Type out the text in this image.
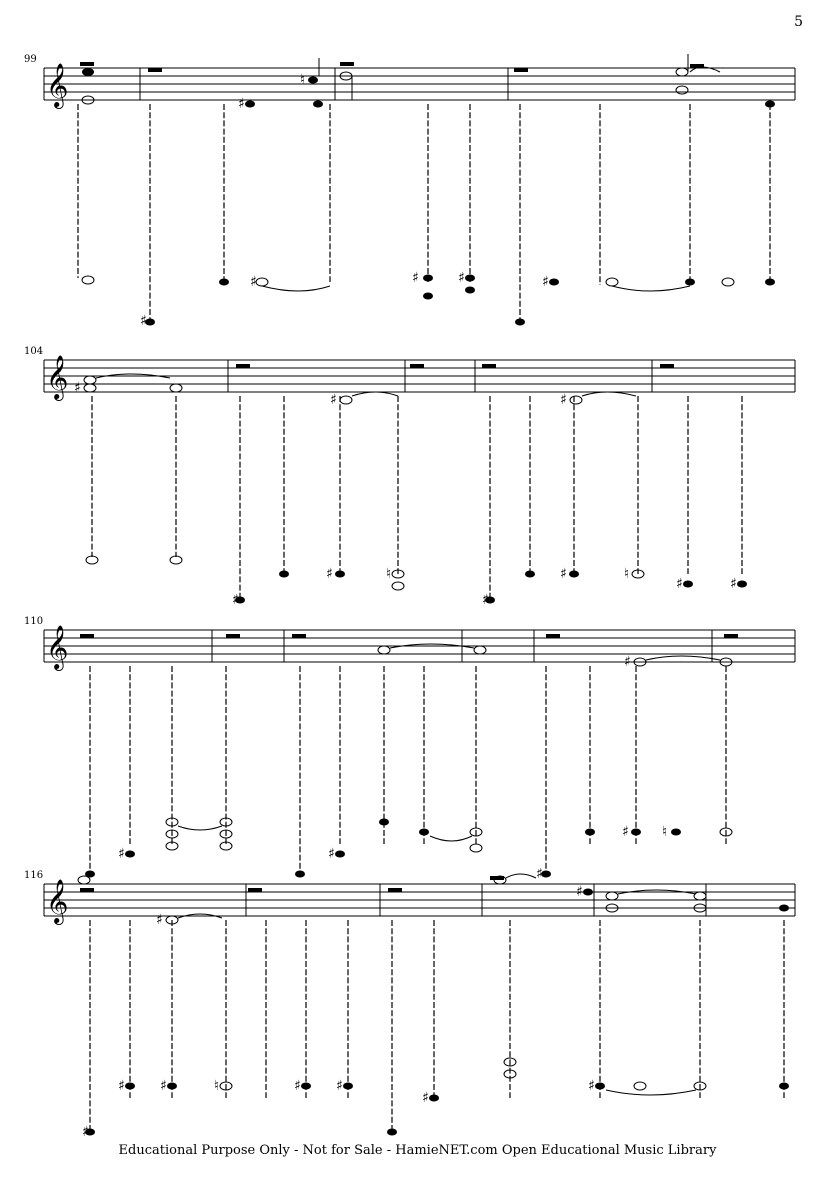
5
99
𝄞	♯
♮
♯
♯	♯	♯	♯
104
𝄞 ♯
♯	♯
♯
♯	♮
♯
♯	♮
♯	♯
110
𝄞	♯
♯	♯
♯
♯ ♮
116
𝄞	♯
♯
♯
♯	♯	♮	♯	♯
♯
♯
Educational Purpose Only - Not for Sale - HamieNET.com Open Educational Music Library
